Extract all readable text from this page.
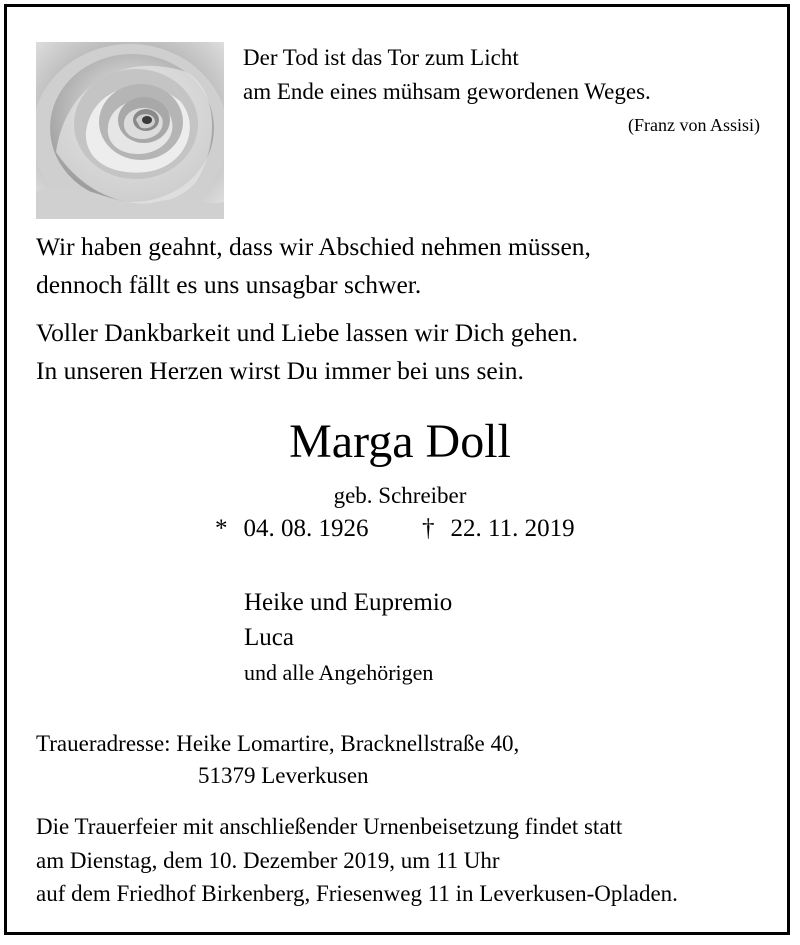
Der Tod ist das Tor zum Licht
am Ende eines mühsam gewordenen Weges.
(Franz von Assisi)
Wir haben geahnt, dass wir Abschied nehmen müssen,
dennoch fällt es uns unsagbar schwer.
Voller Dankbarkeit und Liebe lassen wir Dich gehen.
In unseren Herzen wirst Du immer bei uns sein.
Marga Doll
geb. Schreiber
* 04. 08. 1926 † 22. 11. 2019
Heike und Eupremio
Luca
und alle Angehörigen
Traueradresse: Heike Lomartire, Bracknellstraße 40,
51379 Leverkusen
Die Trauerfeier mit anschließender Urnenbeisetzung findet statt
am Dienstag, dem 10. Dezember 2019, um 11 Uhr
auf dem Friedhof Birkenberg, Friesenweg 11 in Leverkusen-Opladen.
